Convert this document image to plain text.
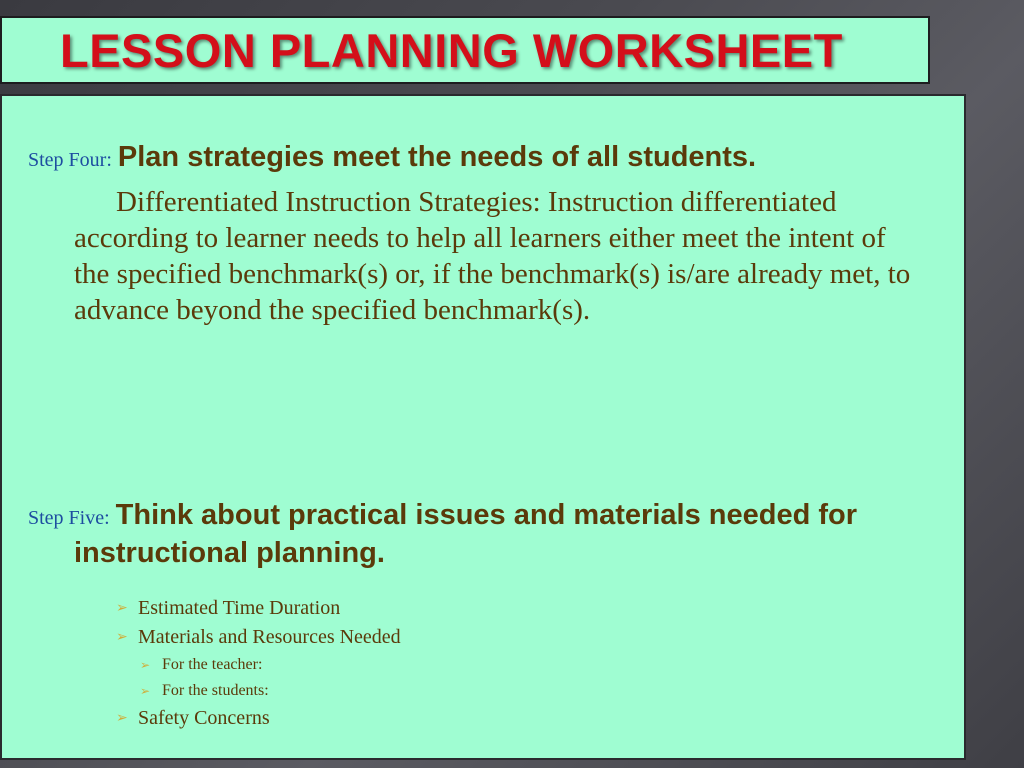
LESSON PLANNING WORKSHEET

Step Four: Plan strategies meet the needs of all students.

Differentiated Instruction Strategies: Instruction differentiated according to learner needs to help all learners either meet the intent of the specified benchmark(s) or, if the benchmark(s) is/are already met, to advance beyond the specified benchmark(s).

Step Five: Think about practical issues and materials needed for instructional planning.

➢ Estimated Time Duration
➢ Materials and Resources Needed
➢ For the teacher:
➢ For the students:
➢ Safety Concerns
